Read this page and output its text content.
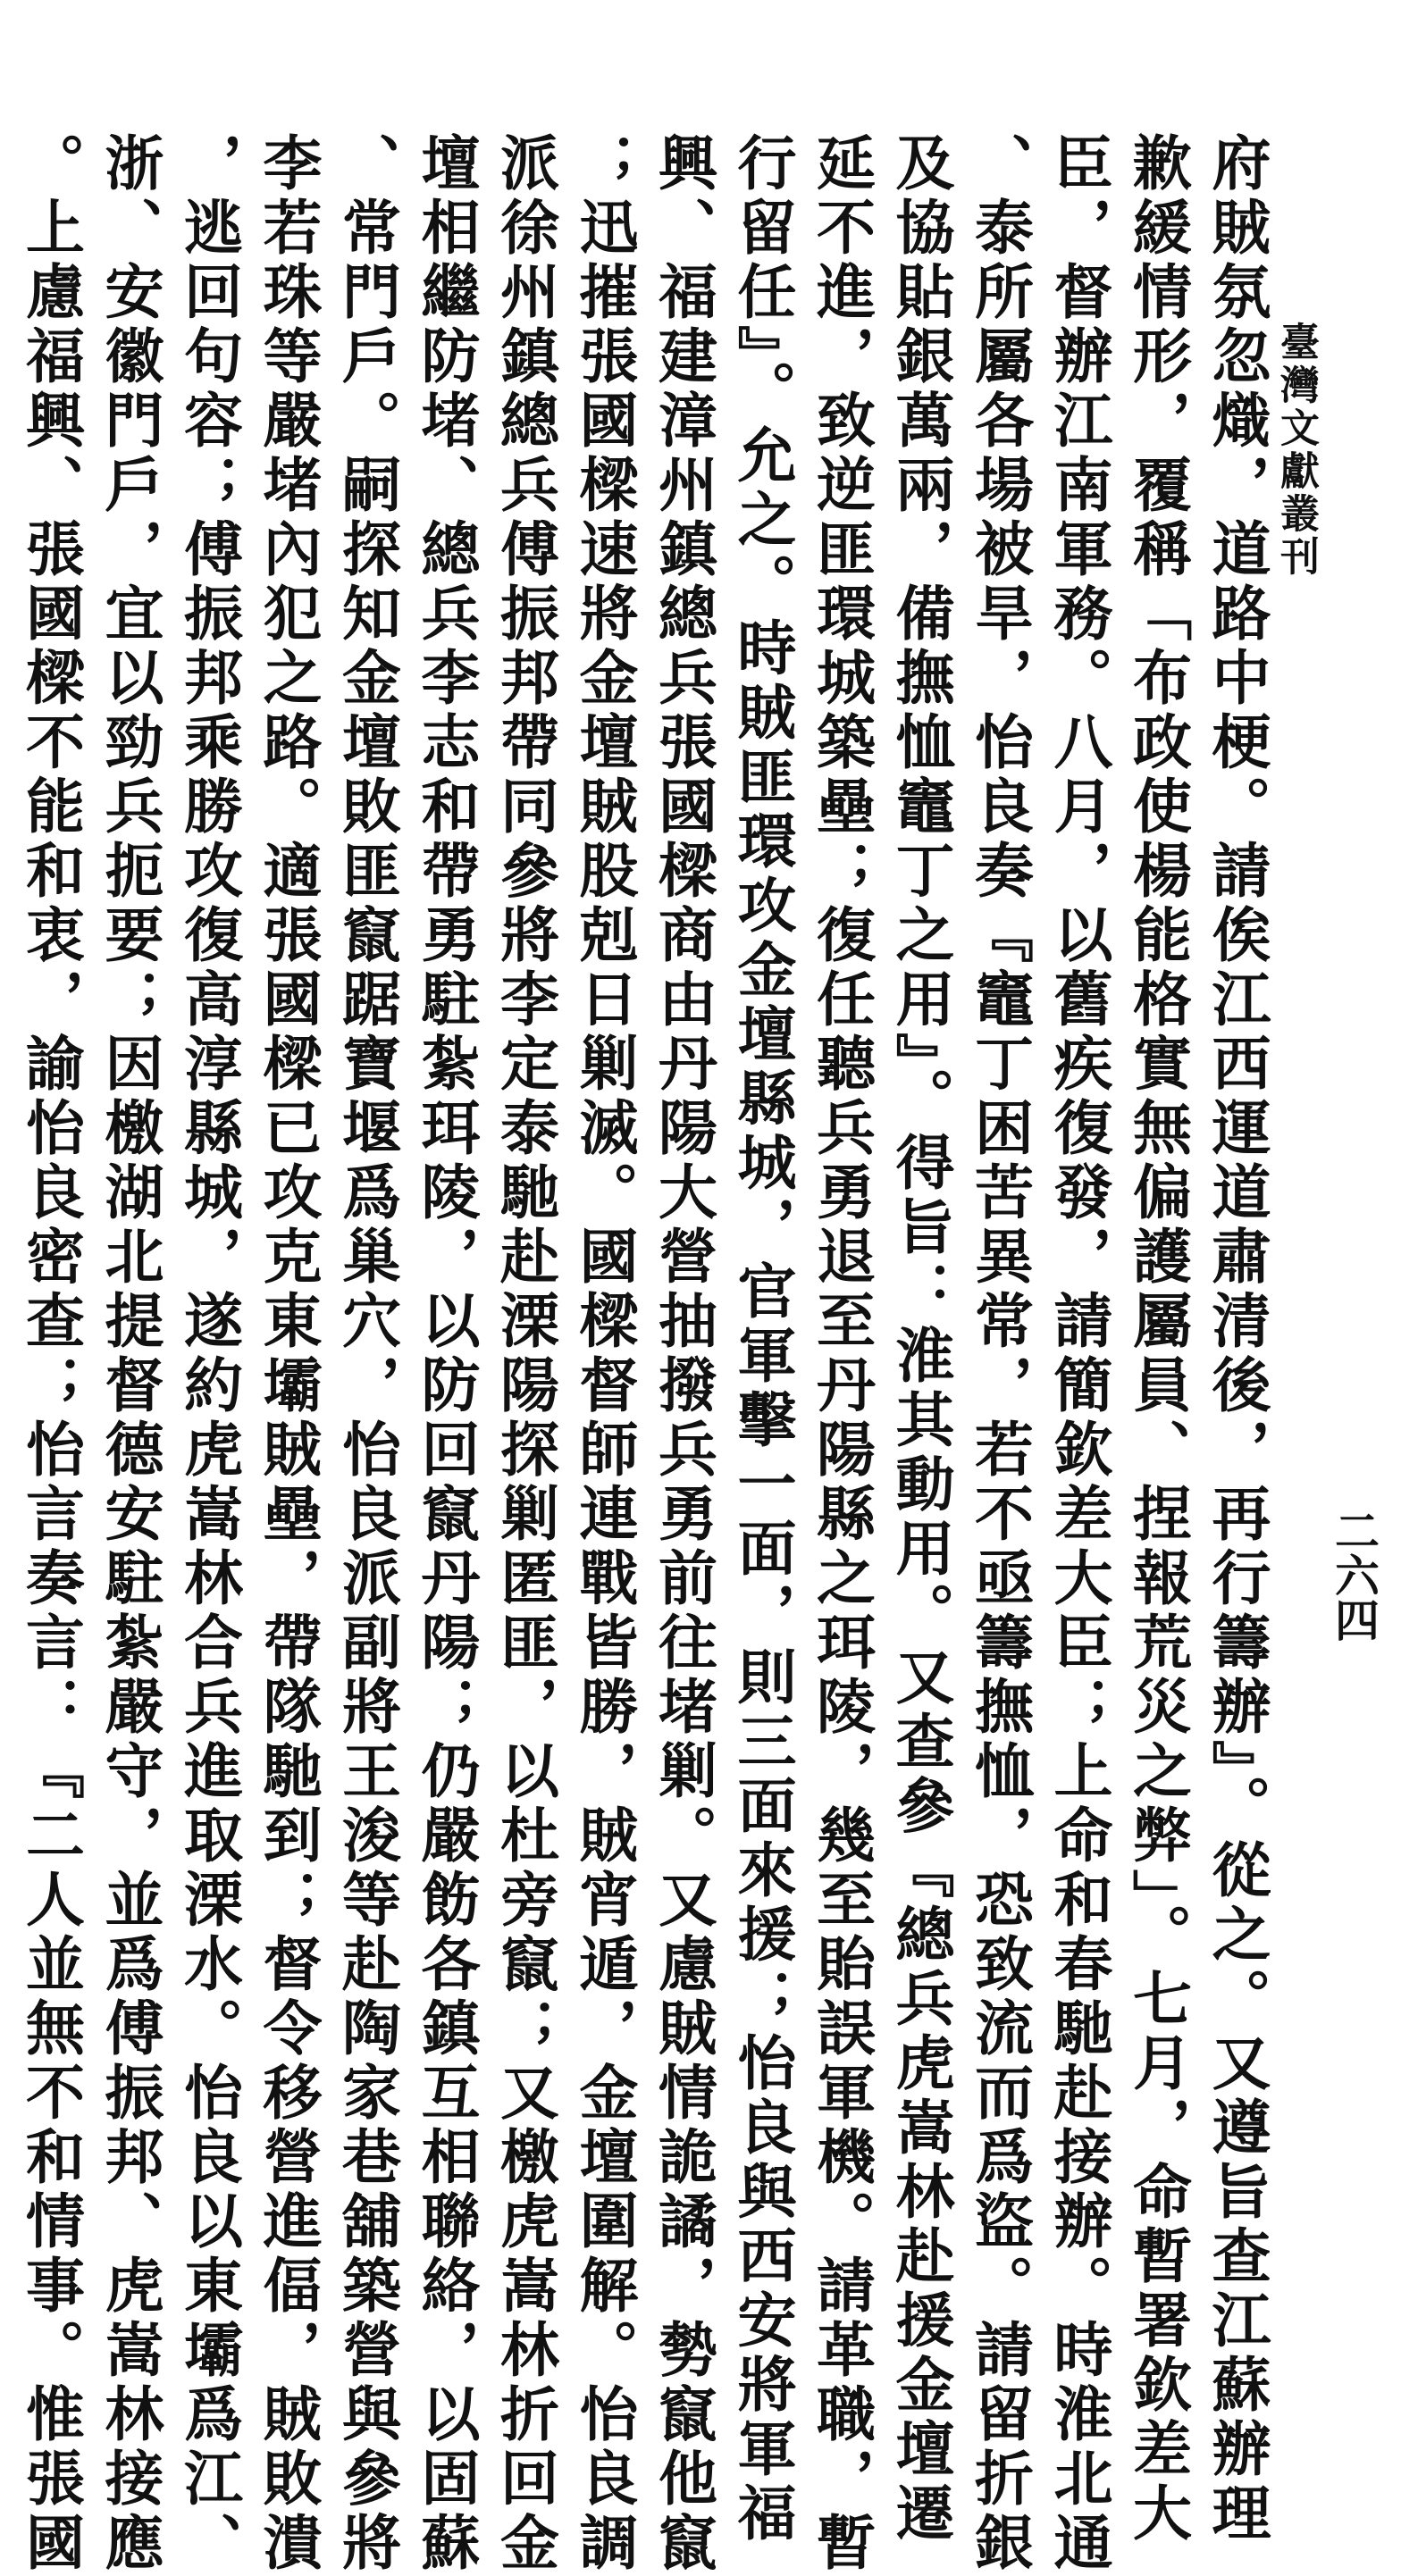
臺灣文獻叢刊
二六四

府賊氛忽熾，道路中梗。請俟江西運道肅清後，再行籌辦』。從之。又遵旨查江蘇辦理

歉緩情形，覆稱「布政使楊能格實無偏護屬員、捏報荒災之弊」。七月，命暫署欽差大

臣，督辦江南軍務。八月，以舊疾復發，請簡欽差大臣；上命和春馳赴接辦。時淮北通

、泰所屬各場被旱，怡良奏『竈丁困苦異常，若不亟籌撫恤，恐致流而爲盜。請留折銀

及協貼銀萬兩，備撫恤竈丁之用』。得旨：淮其動用。又查參『總兵虎嵩林赴援金壇遷

延不進，致逆匪環城築壘；復任聽兵勇退至丹陽縣之珥陵，幾至貽誤軍機。請革職，暫

行留任』。允之。時賊匪環攻金壇縣城，官軍擊一面，則三面來援；怡良與西安將軍福

興、福建漳州鎮總兵張國樑商由丹陽大營抽撥兵勇前往堵剿。又慮賊情詭譎，勢竄他竄

；迅摧張國樑速將金壇賊股剋日剿滅。國樑督師連戰皆勝，賊宵遁，金壇圍解。怡良調

派徐州鎮總兵傅振邦帶同參將李定泰馳赴溧陽探剿匿匪，以杜旁竄；又檄虎嵩林折回金

壇相繼防堵、總兵李志和帶勇駐紮珥陵，以防回竄丹陽；仍嚴飭各鎮互相聯絡，以固蘇

、常門戶。嗣探知金壇敗匪竄踞寶堰爲巢穴，怡良派副將王浚等赴陶家巷舖築營與參將

李若珠等嚴堵內犯之路。適張國樑已攻克東壩賊壘，帶隊馳到；督令移營進偪，賊敗潰

，逃回句容；傅振邦乘勝攻復高淳縣城，遂約虎嵩林合兵進取溧水。怡良以東壩爲江、

浙、安徽門戶，宜以勁兵扼要；因檄湖北提督德安駐紮嚴守，並爲傅振邦、虎嵩林接應

。上慮福興、張國樑不能和衷，諭怡良密查；怡言奏言：『二人並無不和情事。惟張國
